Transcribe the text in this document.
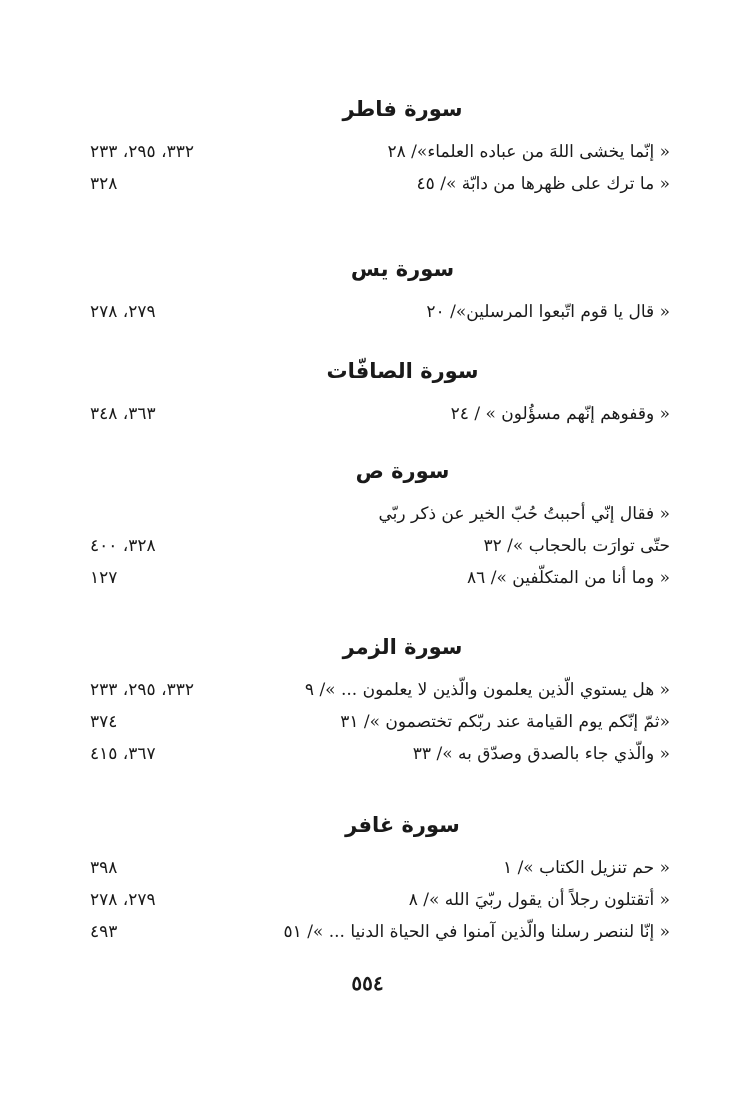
سورة فاطر
« إنّما يخشى اللهَ من عباده العلماء»/ ٢٨
٣٣٢، ٢٩٥، ٢٣٣
« ما ترك على ظهرها من دابّة »/ ٤٥
٣٢٨
سورة يس
« قال يا قوم اتّبعوا المرسلين»/ ٢٠
٢٧٩، ٢٧٨
سورة الصافّات
« وقفوهم إنّهم مسؤُلون » / ٢٤
٣٦٣، ٣٤٨
سورة ص
« فقال إنّي أحببتُ حُبّ الخير عن ذكر ربّي
حتّى توارَت بالحجاب »/ ٣٢
٣٢٨، ٤٠٠
« وما أنا من المتكلّفين »/ ٨٦
١٢٧
سورة الزمر
« هل يستوي الّذين يعلمون والّذين لا يعلمون ... »/ ٩
٣٣٢، ٢٩٥، ٢٣٣
«ثمّ إنّكم يوم القيامة عند ربّكم تختصمون »/ ٣١
٣٧٤
« والّذي جاء بالصدق وصدّق به »/ ٣٣
٣٦٧، ٤١٥
سورة غافر
« حم تنزيل الكتاب »/ ١
٣٩٨
« أتقتلون رجلاً أن يقول ربّيَ الله »/ ٨
٢٧٩، ٢٧٨
« إنّا لننصر رسلنا والّذين آمنوا في الحياة الدنيا ... »/ ٥١
٤٩٣
٥٥٤
